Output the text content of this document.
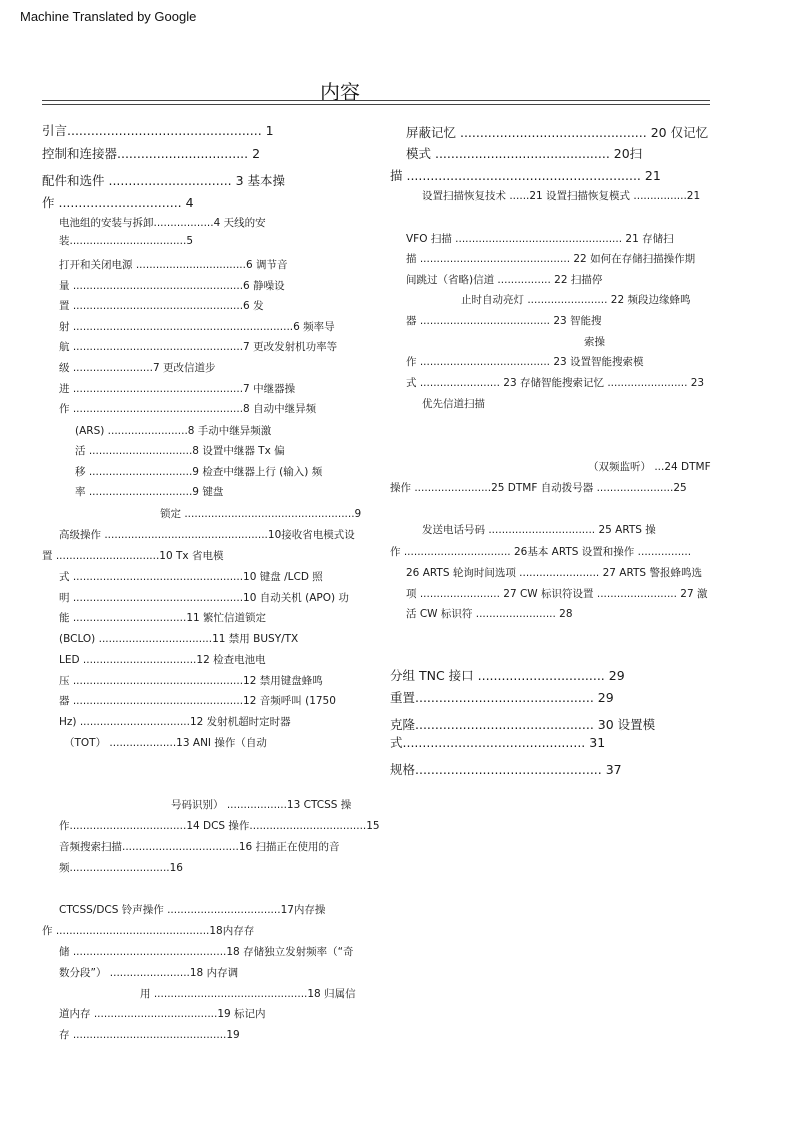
Machine Translated by Google
内容
引言................................................. 1
控制和连接器................................. 2
配件和选件 ............................... 3 基本操
作 ............................... 4
电池组的安装与拆卸..................4 天线的安
装...................................5
打开和关闭电源 .................................6 调节音
量 ...................................................6 静噪设
置 ...................................................6 发
射 ..................................................................6 频率导
航 ...................................................7 更改发射机功率等
级 ........................7 更改信道步
进 ...................................................7 中继器操
作 ...................................................8 自动中继异频
(ARS) ........................8 手动中继异频激
活 ...............................8 设置中继器 Tx 偏
移 ...............................9 检查中继器上行 (输入) 频
率 ...............................9 键盘
锁定 ...................................................9
高级操作 .................................................10接收省电模式设
置 ...............................10 Tx 省电模
式 ...................................................10 键盘 /LCD 照
明 ...................................................10 自动关机 (APO) 功
能 ..................................11 繁忙信道锁定
(BCLO) ..................................11 禁用 BUSY/TX
LED ..................................12 检查电池电
压 ...................................................12 禁用键盘蜂鸣
器 ...................................................12 音频呼叫 (1750
Hz) .................................12 发射机超时定时器
（TOT） ....................13 ANI 操作（自动
号码识别） ..................13 CTCSS 操
作...................................14 DCS 操作...................................15
音频搜索扫描...................................16 扫描正在使用的音
频..............................16
CTCSS/DCS 铃声操作 ..................................17内存操
作 ..............................................18内存存
储 ..............................................18 存储独立发射频率（“奇
数分段”） ........................18 内存调
用 ..............................................18 归属信
道内存 .....................................19 标记内
存 ..............................................19
屏蔽记忆 ............................................... 20 仅记忆
模式 ............................................ 20扫
描 ........................................................... 21
设置扫描恢复技术 ......21 设置扫描恢复模式 ................21
VFO 扫描 .................................................. 21 存储扫
描 ............................................. 22 如何在存储扫描操作期
间跳过（省略)信道 ................ 22 扫描停
止时自动亮灯 ........................ 22 频段边缘蜂鸣
器 ....................................... 23 智能搜
索操
作 ....................................... 23 设置智能搜索模
式 ........................ 23 存储智能搜索记忆 ........................ 23
优先信道扫描
（双频监听） ...24 DTMF
操作 .......................25 DTMF 自动拨号器 .......................25
发送电话号码 ................................ 25 ARTS 操
作 ................................ 26基本 ARTS 设置和操作 ................
26 ARTS 轮询时间选项 ........................ 27 ARTS 警报蜂鸣选
项 ........................ 27 CW 标识符设置 ........................ 27 激
活 CW 标识符 ........................ 28
分组 TNC 接口 ................................ 29
重置............................................. 29
克隆............................................. 30 设置模
式.............................................. 31
规格............................................... 37
